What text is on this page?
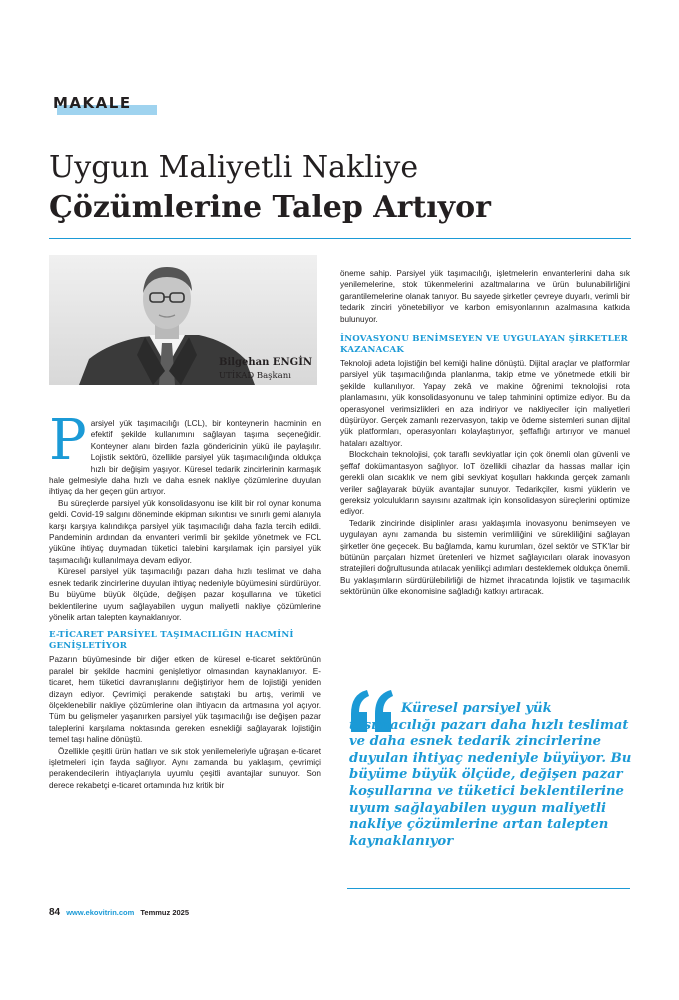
MAKALE
Uygun Maliyetli Nakliye
Çözümlerine Talep Artıyor
Bilgehan ENGİN
UTİKAD Başkanı

Parsiyel yük taşımacılığı (LCL), bir konteynerin hacminin en efektif şekilde kullanımını sağlayan taşıma seçeneğidir. Konteyner alanı birden fazla göndericinin yükü ile paylaşılır. Lojistik sektörü, özellikle parsiyel yük taşımacılığında oldukça hızlı bir değişim yaşıyor. Küresel tedarik zincirlerinin karmaşık hale gelmesiyle daha hızlı ve daha esnek nakliye çözümlerine duyulan ihtiyaç da her geçen gün artıyor.

Bu süreçlerde parsiyel yük konsolidasyonu ise kilit bir rol oynar konuma geldi. Covid-19 salgını döneminde ekipman sıkıntısı ve sınırlı gemi alanıyla karşı karşıya kalındıkça parsiyel yük taşımacılığı daha fazla tercih edildi. Pandeminin ardından da envanteri verimli bir şekilde yönetmek ve FCL yüküne ihtiyaç duymadan tüketici talebini karşılamak için parsiyel yük taşımacılığı kullanılmaya devam ediyor.

Küresel parsiyel yük taşımacılığı pazarı daha hızlı teslimat ve daha esnek tedarik zincirlerine duyulan ihtiyaç nedeniyle büyümesini sürdürüyor. Bu büyüme büyük ölçüde, değişen pazar koşullarına ve tüketici beklentilerine uyum sağlayabilen uygun maliyetli nakliye çözümlerine yönelik artan talepten kaynaklanıyor.

E-TİCARET PARSİYEL TAŞIMACILIĞIN HACMİNİ GENİŞLETİYOR

Pazarın büyümesinde bir diğer etken de küresel e-ticaret sektörünün paralel bir şekilde hacmini genişletiyor olmasından kaynaklanıyor. E-ticaret, hem tüketici davranışlarını değiştiriyor hem de lojistiği yeniden dizayn ediyor. Çevrimiçi perakende satıştaki bu artış, verimli ve ölçeklenebilir nakliye çözümlerine olan ihtiyacın da artmasına yol açıyor. Tüm bu gelişmeler yaşanırken parsiyel yük taşımacılığı ise değişen pazar taleplerini karşılama noktasında gereken esnekliği sağlayarak lojistiğin temel taşı haline dönüştü.

Özellikle çeşitli ürün hatları ve sık stok yenilemeleriyle uğraşan e-ticaret işletmeleri için fayda sağlıyor. Aynı zamanda bu yaklaşım, çevrimiçi perakendecilerin ihtiyaçlarıyla uyumlu çeşitli avantajlar sunuyor. Son derece rekabetçi e-ticaret ortamında hız kritik bir

öneme sahip. Parsiyel yük taşımacılığı, işletmelerin envanterlerini daha sık yenilemelerine, stok tükenmelerini azaltmalarına ve ürün bulunabilirliğini garantilemelerine olanak tanıyor. Bu sayede şirketler çevreye duyarlı, verimli bir tedarik zinciri yönetebiliyor ve karbon emisyonlarının azalmasına katkıda bulunuyor.

İNOVASYONU BENİMSEYEN VE UYGULAYAN ŞİRKETLER KAZANACAK

Teknoloji adeta lojistiğin bel kemiği haline dönüştü. Dijital araçlar ve platformlar parsiyel yük taşımacılığında planlanma, takip etme ve yönetmede etkili bir şekilde kullanılıyor. Yapay zekâ ve makine öğrenimi teknolojisi rota planlamasını, yük konsolidasyonunu ve talep tahminini optimize ediyor. Bu da operasyonel verimsizlikleri en aza indiriyor ve nakliyeciler için maliyetleri düşürüyor. Gerçek zamanlı rezervasyon, takip ve ödeme sistemleri sunan dijital yük platformları, operasyonları kolaylaştırıyor, şeffaflığı artırıyor ve manuel hataları azaltıyor.

Blockchain teknolojisi, çok taraflı sevkiyatlar için çok önemli olan güvenli ve şeffaf dokümantasyon sağlıyor. IoT özellikli cihazlar da hassas mallar için gerekli olan sıcaklık ve nem gibi sevkiyat koşulları hakkında gerçek zamanlı veriler sağlayarak büyük avantajlar sunuyor. Tedarikçiler, kısmi yüklerin ve gereksiz yolculukların sayısını azaltmak için konsolidasyon süreçlerini optimize ediyor.

Tedarik zincirinde disiplinler arası yaklaşımla inovasyonu benimseyen ve uygulayan aynı zamanda bu sistemin verimliliğini ve sürekliliğini sağlayan şirketler öne geçecek. Bu bağlamda, kamu kurumları, özel sektör ve STK'lar bir bütünün parçaları hizmet üretenleri ve hizmet sağlayıcıları olarak inovasyon stratejileri doğrultusunda atılacak yenilikçi adımları desteklemek oldukça önemli. Bu yaklaşımların sürdürülebilirliği de hizmet ihracatında lojistik ve taşımacılık sektörünün ülke ekonomisine sağladığı katkıyı artıracak.

Küresel parsiyel yük taşımacılığı pazarı daha hızlı teslimat ve daha esnek tedarik zincirlerine duyulan ihtiyaç nedeniyle büyüyor. Bu büyüme büyük ölçüde, değişen pazar koşullarına ve tüketici beklentilerine uyum sağlayabilen uygun maliyetli nakliye çözümlerine artan talepten kaynaklanıyor
84 www.ekovitrin.com Temmuz 2025
